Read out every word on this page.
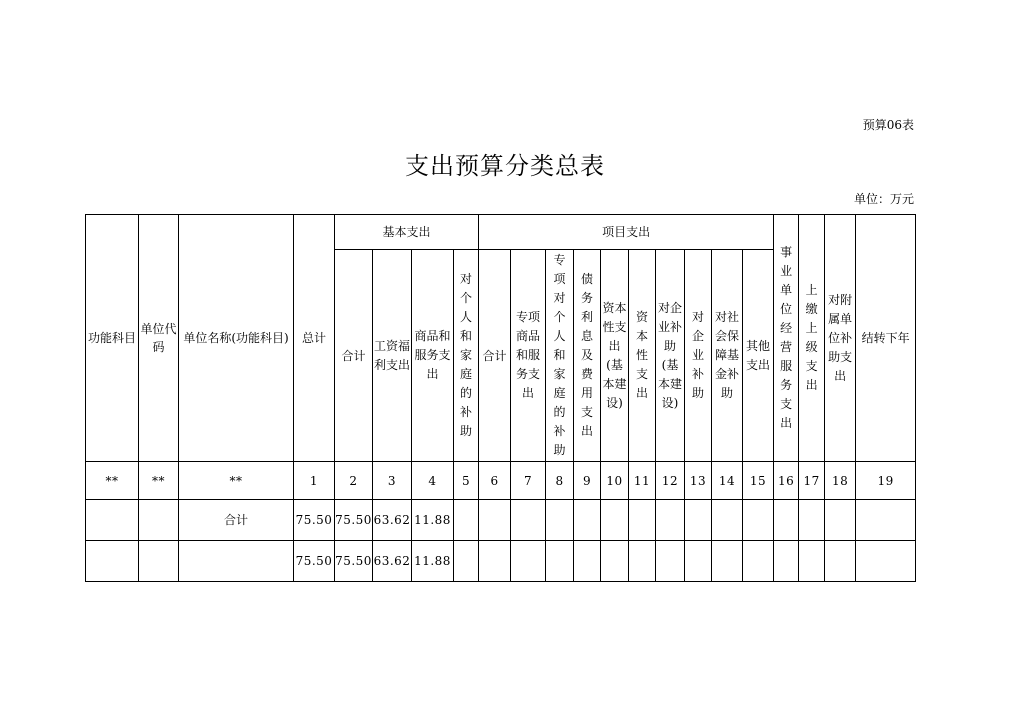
预算06表
支出预算分类总表
单位：万元
功能科目	单位代码	单位名称(功能科目)	总计	基本支出				项目支出										事业单位经营服务支出	上缴上级支出	对附属单位补助支出	结转下年
				合计	工资福利支出	商品和服务支出	对个人和家庭的补助	合计	专项商品和服务支出	专项对个人和家庭的补助	债务利息及费用支出	资本性支出(基本建设)	资本性支出	对企业补助(基本建设)	对企业补助	对社会保障基金补助	其他支出				
**	**	**	1	2	3	4	5	6	7	8	9	10	11	12	13	14	15	16	17	18	19
		合计	75.50	75.50	63.62	11.88															
			75.50	75.50	63.62	11.88															
